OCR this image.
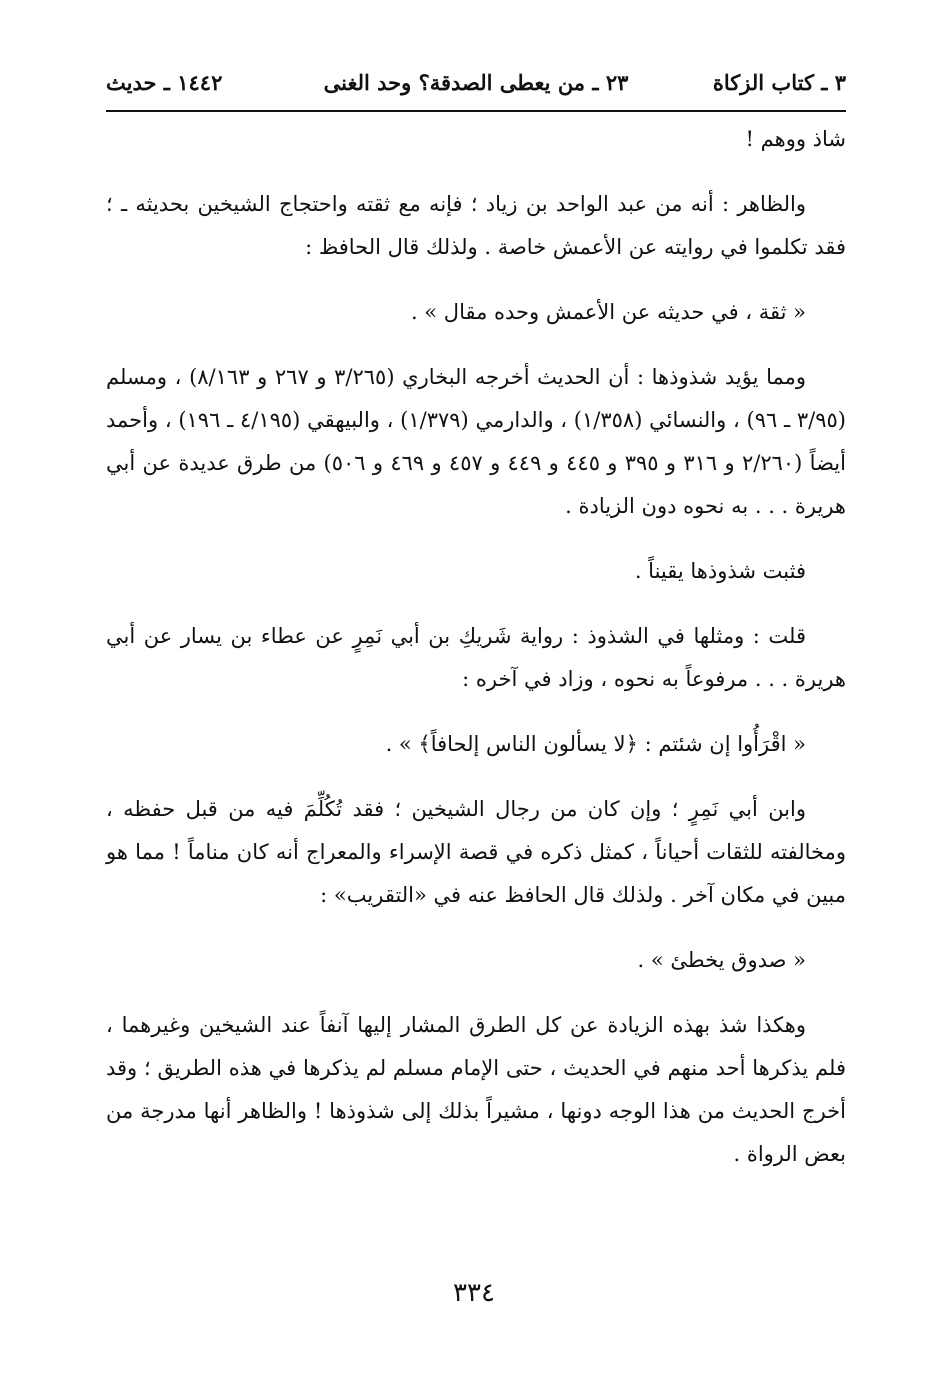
٣ ـ كتاب الزكاة
٢٣ ـ من يعطى الصدقة؟ وحد الغنى
١٤٤٢ ـ حديث

شاذ ووهم !

والظاهر : أنه من عبد الواحد بن زياد ؛ فإنه مع ثقته واحتجاج الشيخين بحديثه ـ ؛ فقد تكلموا في روايته عن الأعمش خاصة . ولذلك قال الحافظ :

« ثقة ، في حديثه عن الأعمش وحده مقال » .

ومما يؤيد شذوذها : أن الحديث أخرجه البخاري (٣/٢٦٥ و ٢٦٧ و ٨/١٦٣) ، ومسلم (٣/٩٥ ـ ٩٦) ، والنسائي (١/٣٥٨) ، والدارمي (١/٣٧٩) ، والبيهقي (٤/١٩٥ ـ ١٩٦) ، وأحمد أيضاً (٢/٢٦٠ و ٣١٦ و ٣٩٥ و ٤٤٥ و ٤٤٩ و ٤٥٧ و ٤٦٩ و ٥٠٦) من طرق عديدة عن أبي هريرة . . . به نحوه دون الزيادة .

فثبت شذوذها يقيناً .

قلت : ومثلها في الشذوذ : رواية شَريكِ بن أبي نَمِرٍ عن عطاء بن يسار عن أبي هريرة . . . مرفوعاً به نحوه ، وزاد في آخره :

« اقْرَأُوا إن شئتم : ﴿لا يسألون الناس إلحافاً﴾ » .

وابن أبي نَمِرٍ ؛ وإن كان من رجال الشيخين ؛ فقد تُكُلِّمَ فيه من قبل حفظه ، ومخالفته للثقات أحياناً ، كمثل ذكره في قصة الإسراء والمعراج أنه كان مناماً ! مما هو مبين في مكان آخر . ولذلك قال الحافظ عنه في «التقريب» :

« صدوق يخطئ » .

وهكذا شذ بهذه الزيادة عن كل الطرق المشار إليها آنفاً عند الشيخين وغيرهما ، فلم يذكرها أحد منهم في الحديث ، حتى الإمام مسلم لم يذكرها في هذه الطريق ؛ وقد أخرج الحديث من هذا الوجه دونها ، مشيراً بذلك إلى شذوذها ! والظاهر أنها مدرجة من بعض الرواة .

٣٣٤
